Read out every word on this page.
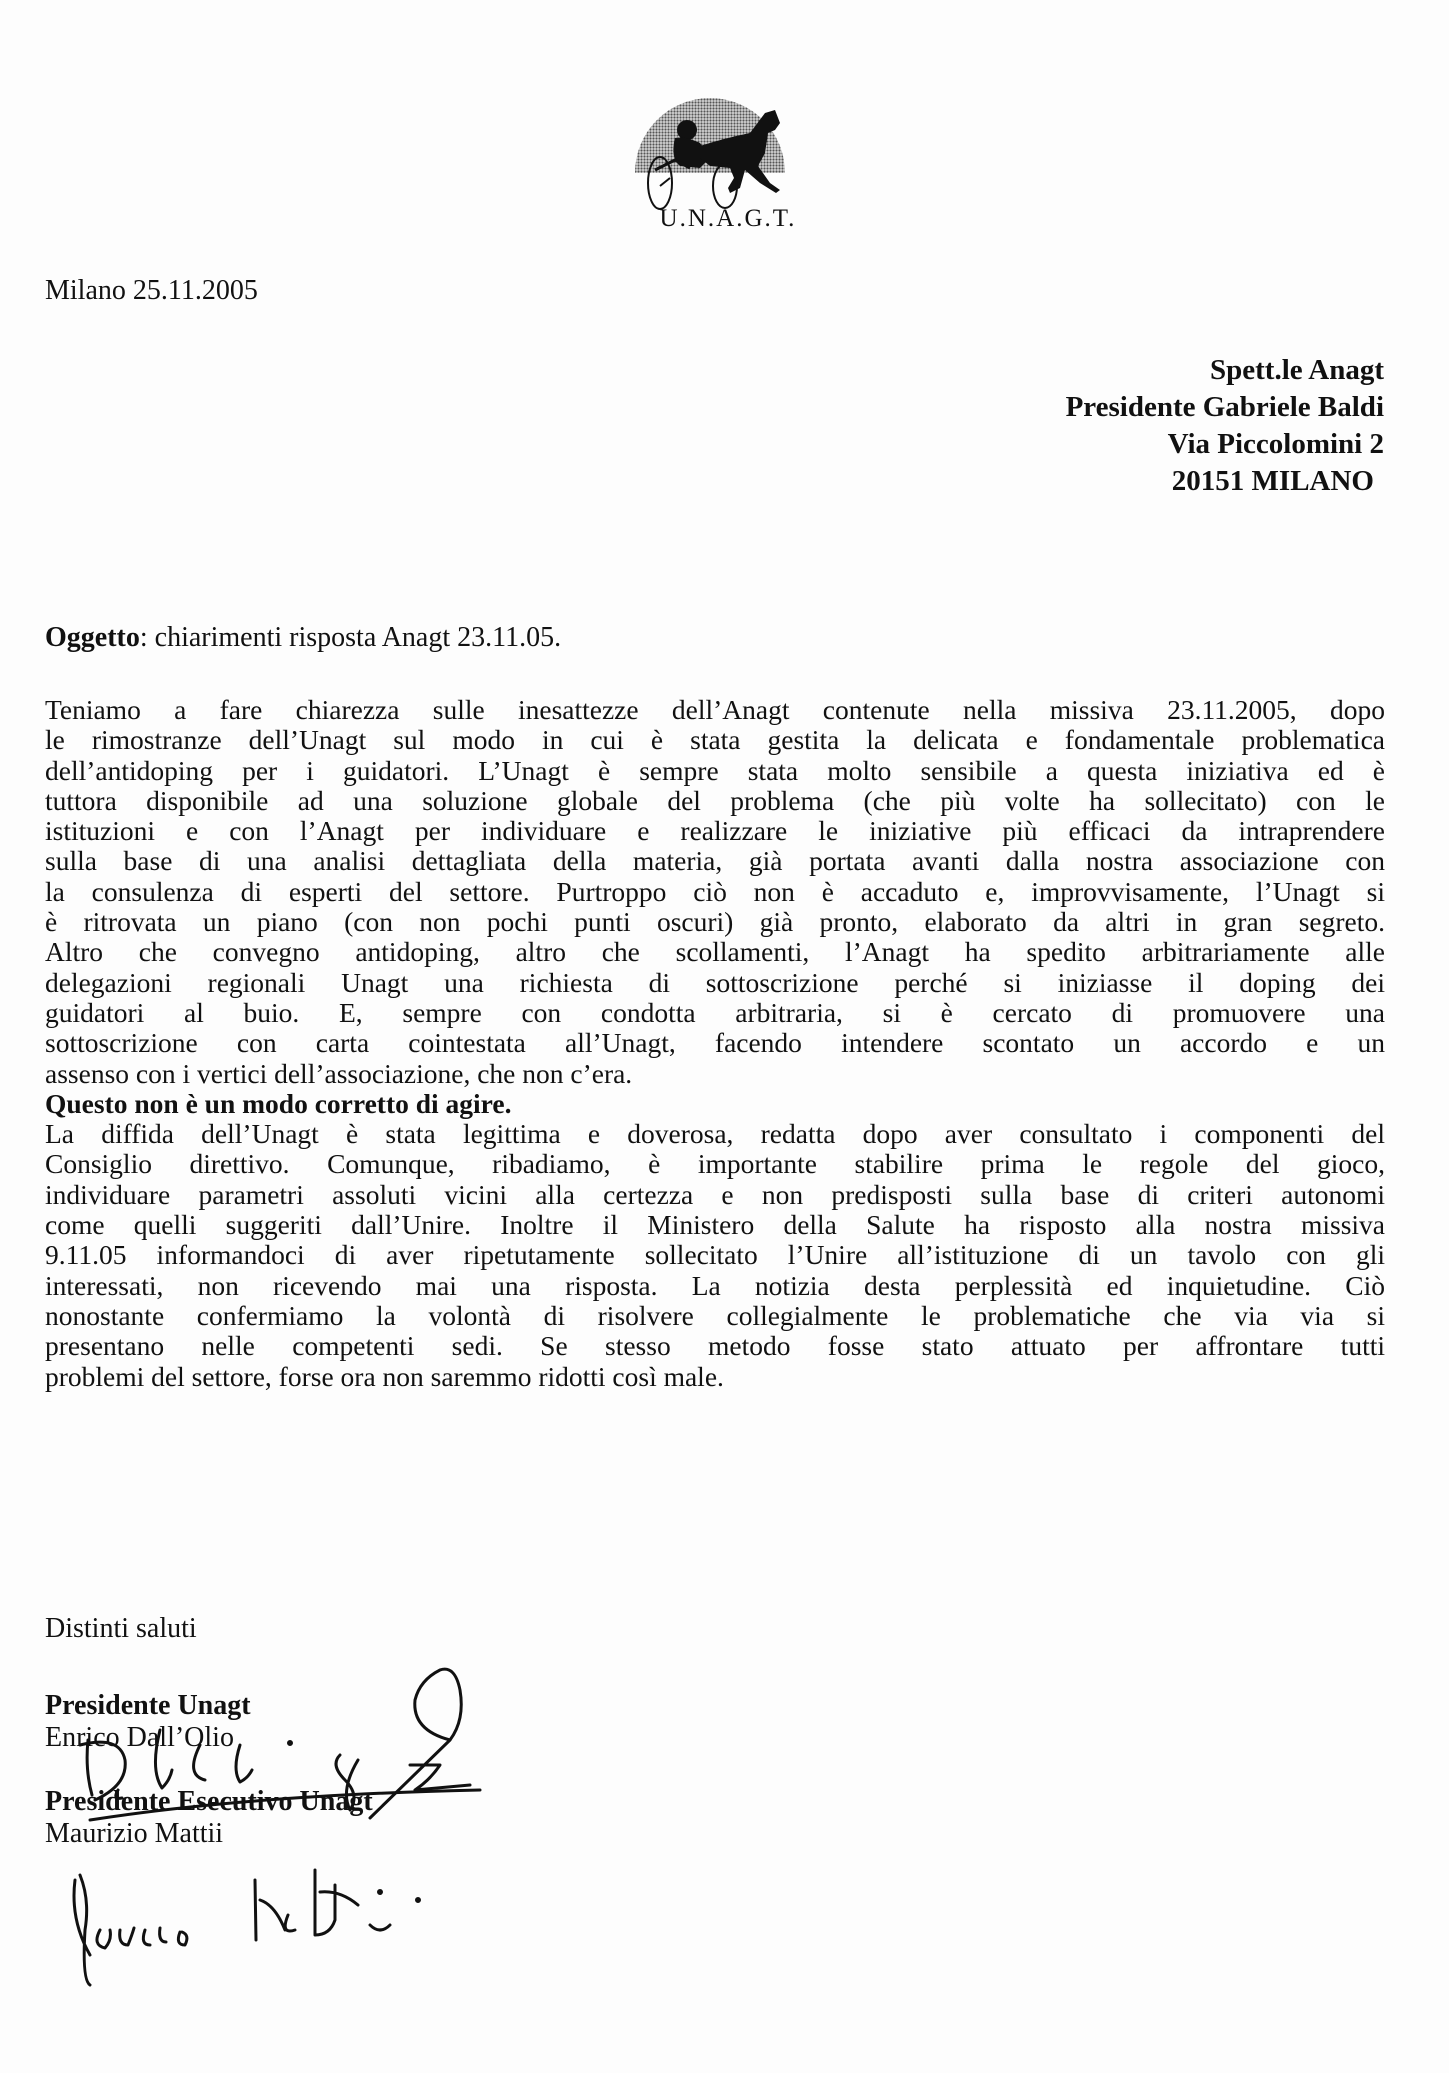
U.N.A.G.T.
Milano 25.11.2005
Spett.le Anagt
Presidente Gabriele Baldi
Via Piccolomini 2
20151 MILANO
Oggetto: chiarimenti risposta Anagt 23.11.05.
Teniamo a fare chiarezza sulle inesattezze dell’Anagt contenute nella missiva 23.11.2005, dopo
le rimostranze dell’Unagt sul modo in cui è stata gestita la delicata e fondamentale problematica
dell’antidoping per i guidatori. L’Unagt è sempre stata molto sensibile a questa iniziativa ed è
tuttora disponibile ad una soluzione globale del problema (che più volte ha sollecitato) con le
istituzioni e con l’Anagt per individuare e realizzare le iniziative più efficaci da intraprendere
sulla base di una analisi dettagliata della materia, già portata avanti dalla nostra associazione con
la consulenza di esperti del settore. Purtroppo ciò non è accaduto e, improvvisamente, l’Unagt si
è ritrovata un piano (con non pochi punti oscuri) già pronto, elaborato da altri in gran segreto.
Altro che convegno antidoping, altro che scollamenti, l’Anagt ha spedito arbitrariamente alle
delegazioni regionali Unagt una richiesta di sottoscrizione perché si iniziasse il doping dei
guidatori al buio. E, sempre con condotta arbitraria, si è cercato di promuovere una
sottoscrizione con carta cointestata all’Unagt, facendo intendere scontato un accordo e un
assenso con i vertici dell’associazione, che non c’era.
Questo non è un modo corretto di agire.
La diffida dell’Unagt è stata legittima e doverosa, redatta dopo aver consultato i componenti del
Consiglio direttivo. Comunque, ribadiamo, è importante stabilire prima le regole del gioco,
individuare parametri assoluti vicini alla certezza e non predisposti sulla base di criteri autonomi
come quelli suggeriti dall’Unire. Inoltre il Ministero della Salute ha risposto alla nostra missiva
9.11.05 informandoci di aver ripetutamente sollecitato l’Unire all’istituzione di un tavolo con gli
interessati, non ricevendo mai una risposta. La notizia desta perplessità ed inquietudine. Ciò
nonostante confermiamo la volontà di risolvere collegialmente le problematiche che via via si
presentano nelle competenti sedi. Se stesso metodo fosse stato attuato per affrontare tutti
problemi del settore, forse ora non saremmo ridotti così male.
Distinti saluti
Presidente Unagt
Enrico Dall’Olio
Presidente Esecutivo Unagt
Maurizio Mattii
